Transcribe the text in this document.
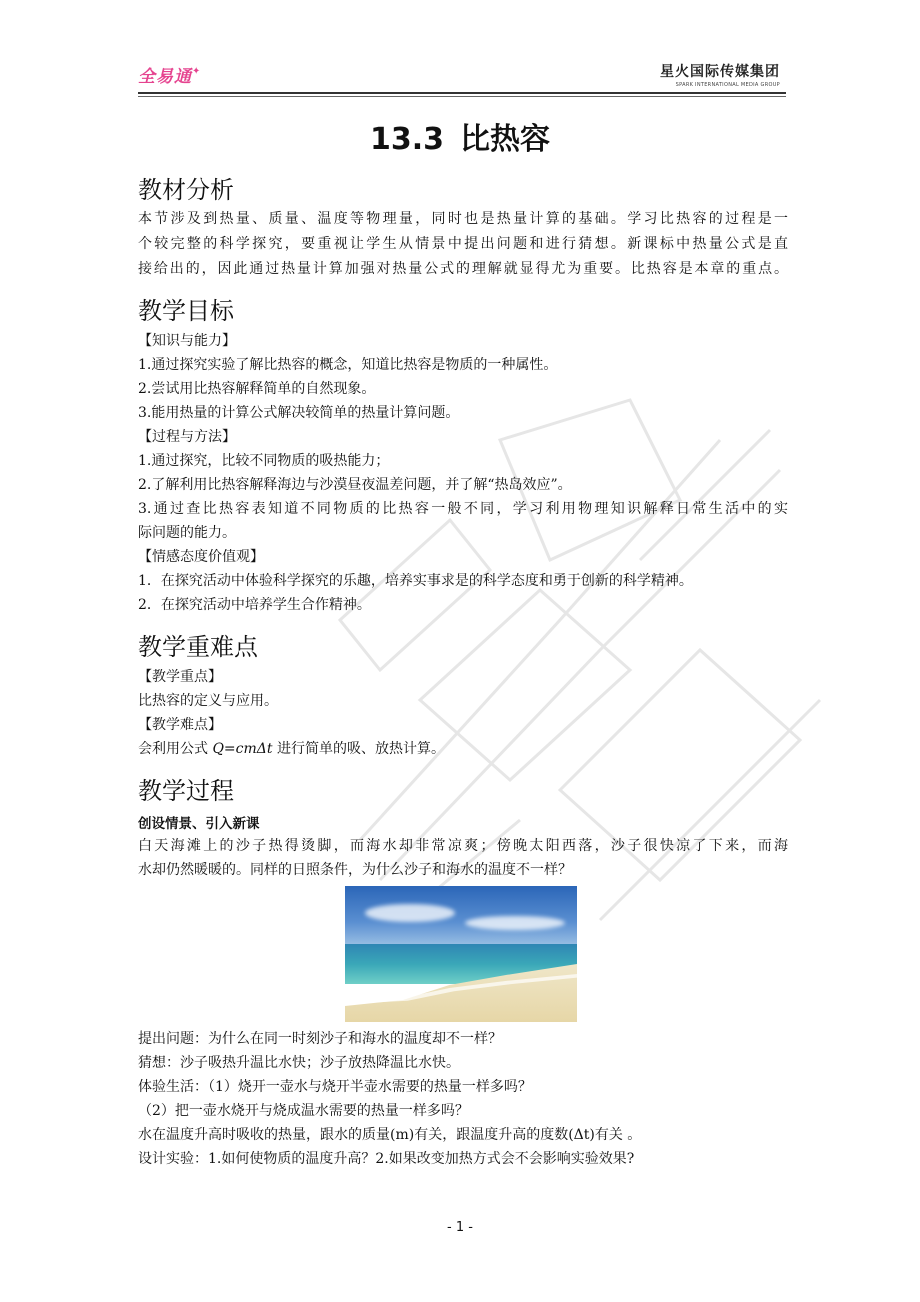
全易通✦	星火国际传媒集团
SPARK INTERNATIONAL MEDIA GROUP
13.3 比热容
教材分析
本节涉及到热量、质量、温度等物理量，同时也是热量计算的基础。学习比热容的过程是一
个较完整的科学探究，要重视让学生从情景中提出问题和进行猜想。新课标中热量公式是直
接给出的，因此通过热量计算加强对热量公式的理解就显得尤为重要。比热容是本章的重点。
教学目标
【知识与能力】
1.通过探究实验了解比热容的概念，知道比热容是物质的一种属性。
2.尝试用比热容解释简单的自然现象。
3.能用热量的计算公式解决较简单的热量计算问题。
【过程与方法】
1.通过探究，比较不同物质的吸热能力；
2.了解利用比热容解释海边与沙漠昼夜温差问题，并了解“热岛效应”。
3.通过查比热容表知道不同物质的比热容一般不同，学习利用物理知识解释日常生活中的实
际问题的能力。
【情感态度价值观】
1．在探究活动中体验科学探究的乐趣，培养实事求是的科学态度和勇于创新的科学精神。
2．在探究活动中培养学生合作精神。
教学重难点
【教学重点】
比热容的定义与应用。
【教学难点】
会利用公式 Q=cmΔt 进行简单的吸、放热计算。
教学过程
创设情景、引入新课
白天海滩上的沙子热得烫脚，而海水却非常凉爽；傍晚太阳西落，沙子很快凉了下来，而海
水却仍然暖暖的。同样的日照条件，为什么沙子和海水的温度不一样？
提出问题：为什么在同一时刻沙子和海水的温度却不一样？
猜想：沙子吸热升温比水快；沙子放热降温比水快。
体验生活：（1）烧开一壶水与烧开半壶水需要的热量一样多吗？
（2）把一壶水烧开与烧成温水需要的热量一样多吗？
水在温度升高时吸收的热量，跟水的质量(m)有关，跟温度升高的度数(Δt)有关 。
设计实验：1.如何使物质的温度升高？2.如果改变加热方式会不会影响实验效果?
- 1 -
